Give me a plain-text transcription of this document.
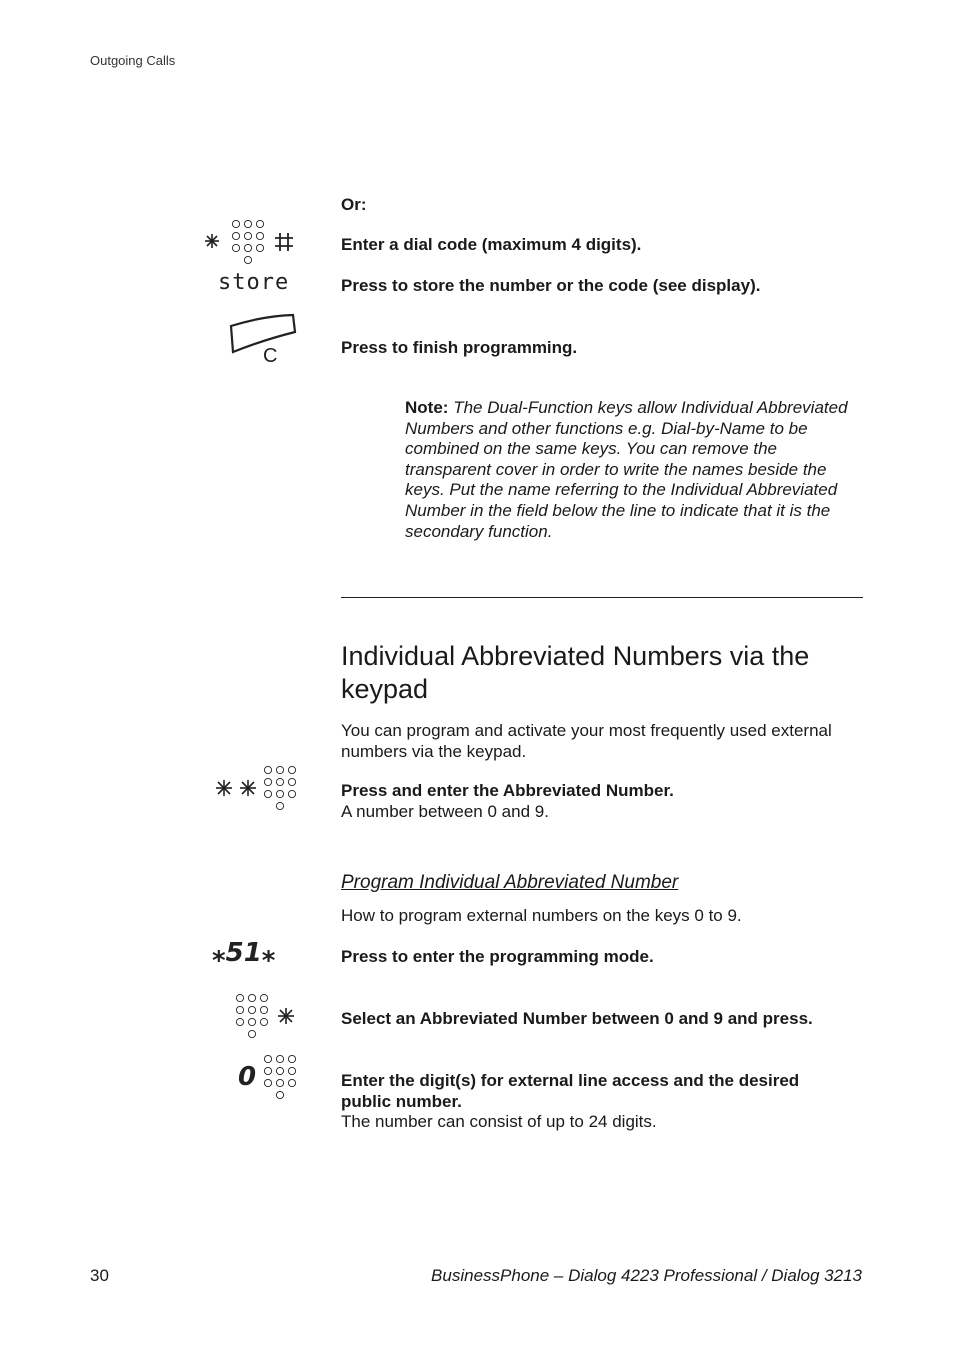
Outgoing Calls
Or:
Enter a dial code (maximum 4 digits).
Press to store the number or the code (see display).
Press to finish programming.
store
C
Note: The Dual-Function keys allow Individual Abbreviated Numbers and other functions e.g. Dial-by-Name to be combined on the same keys. You can remove the transparent cover in order to write the names beside the keys. Put the name referring to the Individual Abbreviated Number in the field below the line to indicate that it is the secondary function.
Individual Abbreviated Numbers via the keypad
You can program and activate your most frequently used external numbers via the keypad.
Press and enter the Abbreviated Number.
A number between 0 and 9.
Program Individual Abbreviated Number
How to program external numbers on the keys 0 to 9.
⁎51⁎	Press to enter the programming mode.
Select an Abbreviated Number between 0 and 9 and press.
0	Enter the digit(s) for external line access and the desired public number.
The number can consist of up to 24 digits.
30	BusinessPhone – Dialog 4223 Professional / Dialog 3213
